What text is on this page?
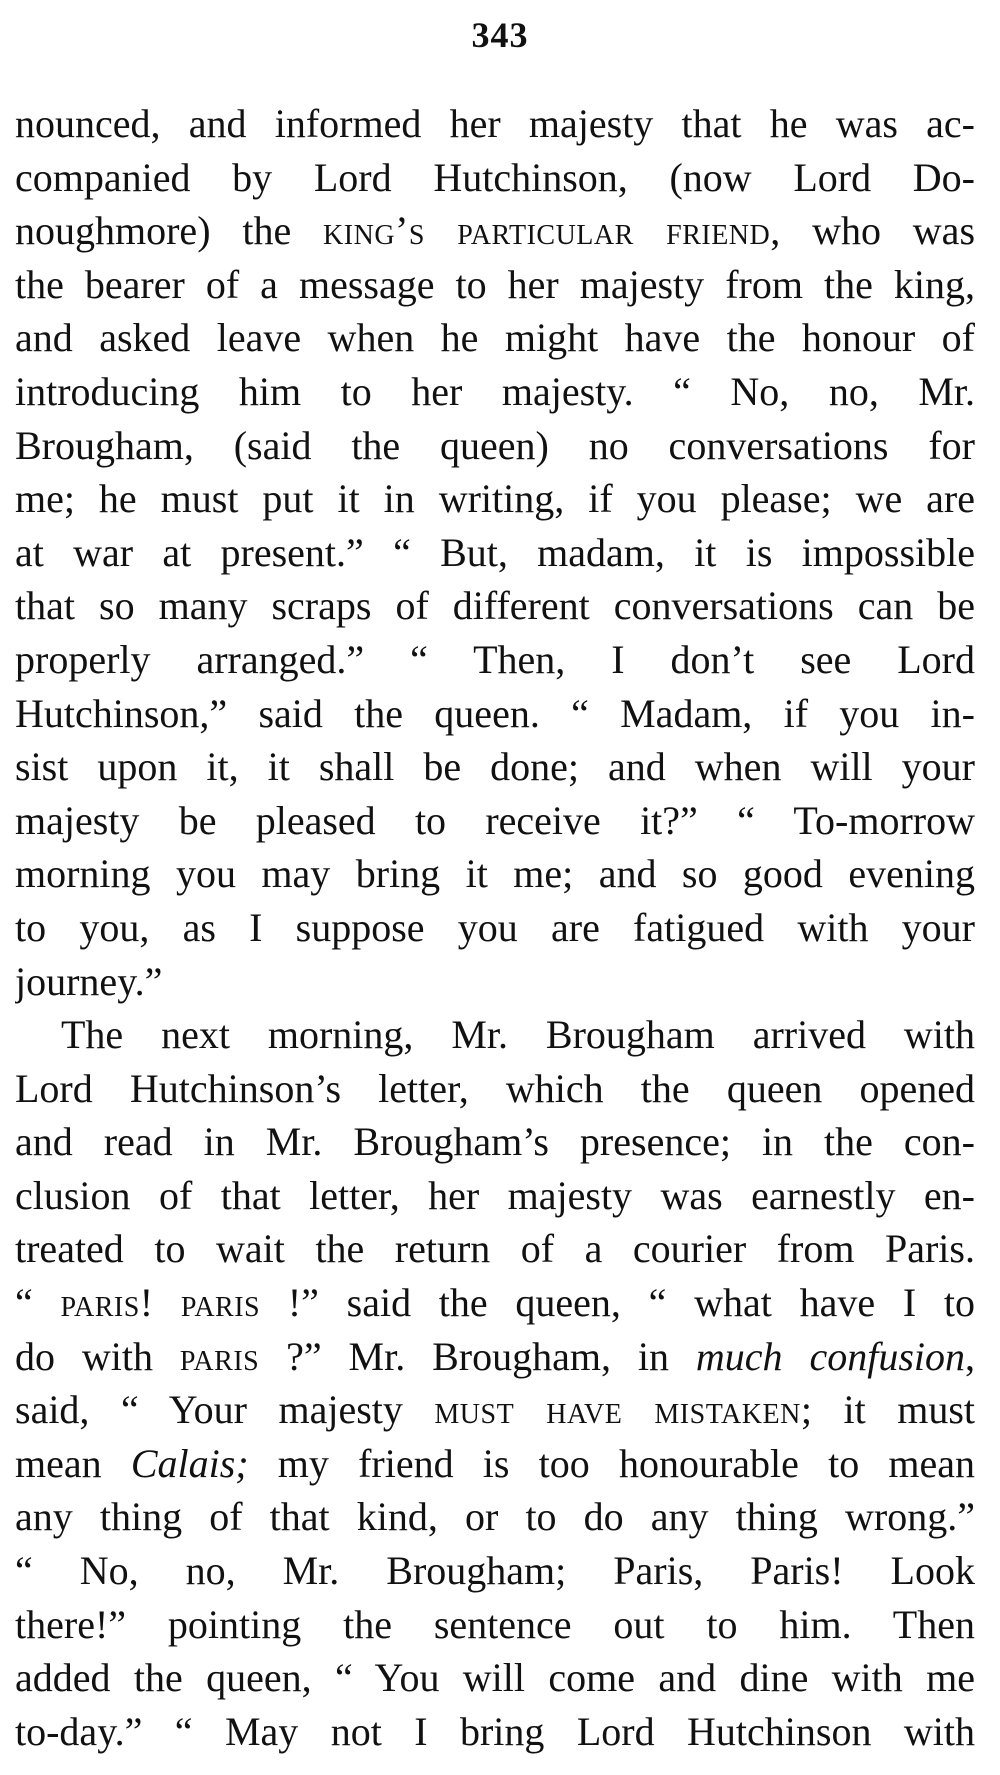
343
nounced, and informed her majesty that he was ac-
companied by Lord Hutchinson, (now Lord Do-
noughmore) the king’s particular friend, who was
the bearer of a message to her majesty from the king,
and asked leave when he might have the honour of
introducing him to her majesty. “ No, no, Mr.
Brougham, (said the queen) no conversations for
me; he must put it in writing, if you please; we are
at war at present.” “ But, madam, it is impossible
that so many scraps of different conversations can be
properly arranged.” “ Then, I don’t see Lord
Hutchinson,” said the queen. “ Madam, if you in-
sist upon it, it shall be done; and when will your
majesty be pleased to receive it?” “ To-morrow
morning you may bring it me; and so good evening
to you, as I suppose you are fatigued with your
journey.”
The next morning, Mr. Brougham arrived with
Lord Hutchinson’s letter, which the queen opened
and read in Mr. Brougham’s presence; in the con-
clusion of that letter, her majesty was earnestly en-
treated to wait the return of a courier from Paris.
“ paris! paris !” said the queen, “ what have I to
do with paris ?” Mr. Brougham, in much confusion,
said, “ Your majesty must have mistaken; it must
mean Calais; my friend is too honourable to mean
any thing of that kind, or to do any thing wrong.”
“ No, no, Mr. Brougham; Paris, Paris! Look
there!” pointing the sentence out to him. Then
added the queen, “ You will come and dine with me
to-day.” “ May not I bring Lord Hutchinson with
